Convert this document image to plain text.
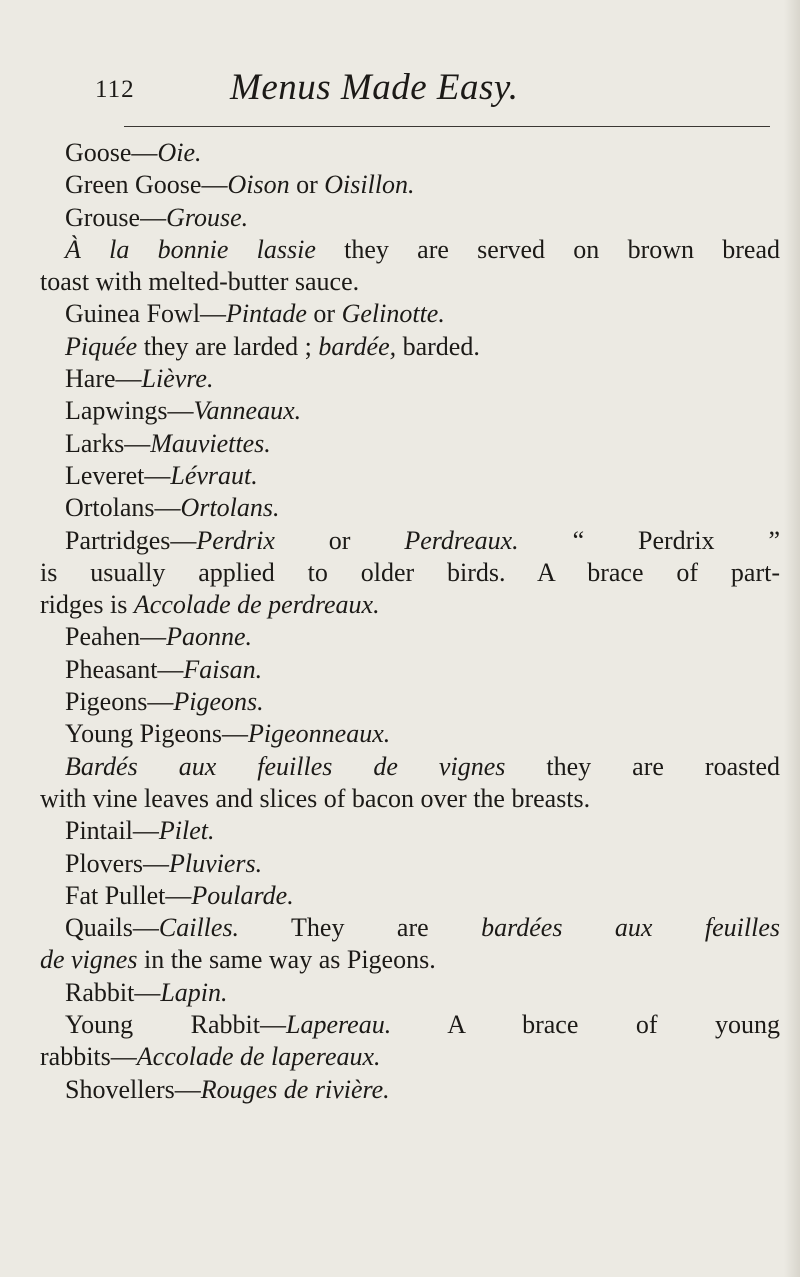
112	Menus Made Easy.
Goose—Oie.
Green Goose—Oison or Oisillon.
Grouse—Grouse.
À la bonnie lassie they are served on brown bread
toast with melted-butter sauce.
Guinea Fowl—Pintade or Gelinotte.
Piquée they are larded ; bardée, barded.
Hare—Lièvre.
Lapwings—Vanneaux.
Larks—Mauviettes.
Leveret—Lévraut.
Ortolans—Ortolans.
Partridges—Perdrix or Perdreaux. “ Perdrix ”
is usually applied to older birds. A brace of part-
ridges is Accolade de perdreaux.
Peahen—Paonne.
Pheasant—Faisan.
Pigeons—Pigeons.
Young Pigeons—Pigeonneaux.
Bardés aux feuilles de vignes they are roasted
with vine leaves and slices of bacon over the breasts.
Pintail—Pilet.
Plovers—Pluviers.
Fat Pullet—Poularde.
Quails—Cailles. They are bardées aux feuilles
de vignes in the same way as Pigeons.
Rabbit—Lapin.
Young Rabbit—Lapereau. A brace of young
rabbits—Accolade de lapereaux.
Shovellers—Rouges de rivière.
